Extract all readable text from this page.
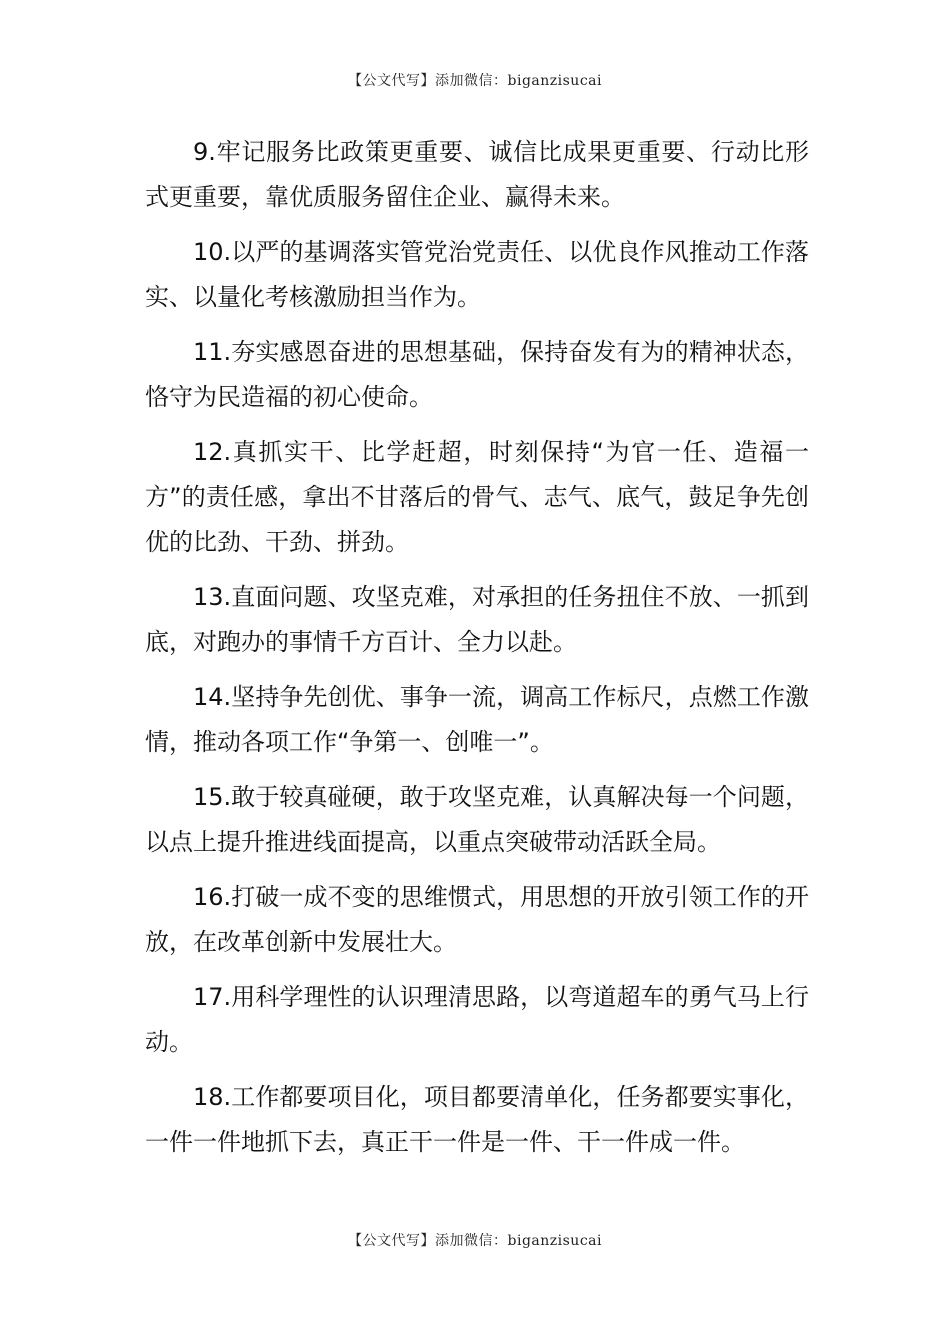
【公文代写】添加微信：biganzisucai

9.牢记服务比政策更重要、诚信比成果更重要、行动比形式更重要，靠优质服务留住企业、赢得未来。

10.以严的基调落实管党治党责任、以优良作风推动工作落实、以量化考核激励担当作为。

11.夯实感恩奋进的思想基础，保持奋发有为的精神状态，恪守为民造福的初心使命。

12.真抓实干、比学赶超，时刻保持“为官一任、造福一方”的责任感，拿出不甘落后的骨气、志气、底气，鼓足争先创优的比劲、干劲、拼劲。

13.直面问题、攻坚克难，对承担的任务扭住不放、一抓到底，对跑办的事情千方百计、全力以赴。

14.坚持争先创优、事争一流，调高工作标尺，点燃工作激情，推动各项工作“争第一、创唯一”。

15.敢于较真碰硬，敢于攻坚克难，认真解决每一个问题，以点上提升推进线面提高，以重点突破带动活跃全局。

16.打破一成不变的思维惯式，用思想的开放引领工作的开放，在改革创新中发展壮大。

17.用科学理性的认识理清思路，以弯道超车的勇气马上行动。

18.工作都要项目化，项目都要清单化，任务都要实事化，一件一件地抓下去，真正干一件是一件、干一件成一件。

【公文代写】添加微信：biganzisucai
